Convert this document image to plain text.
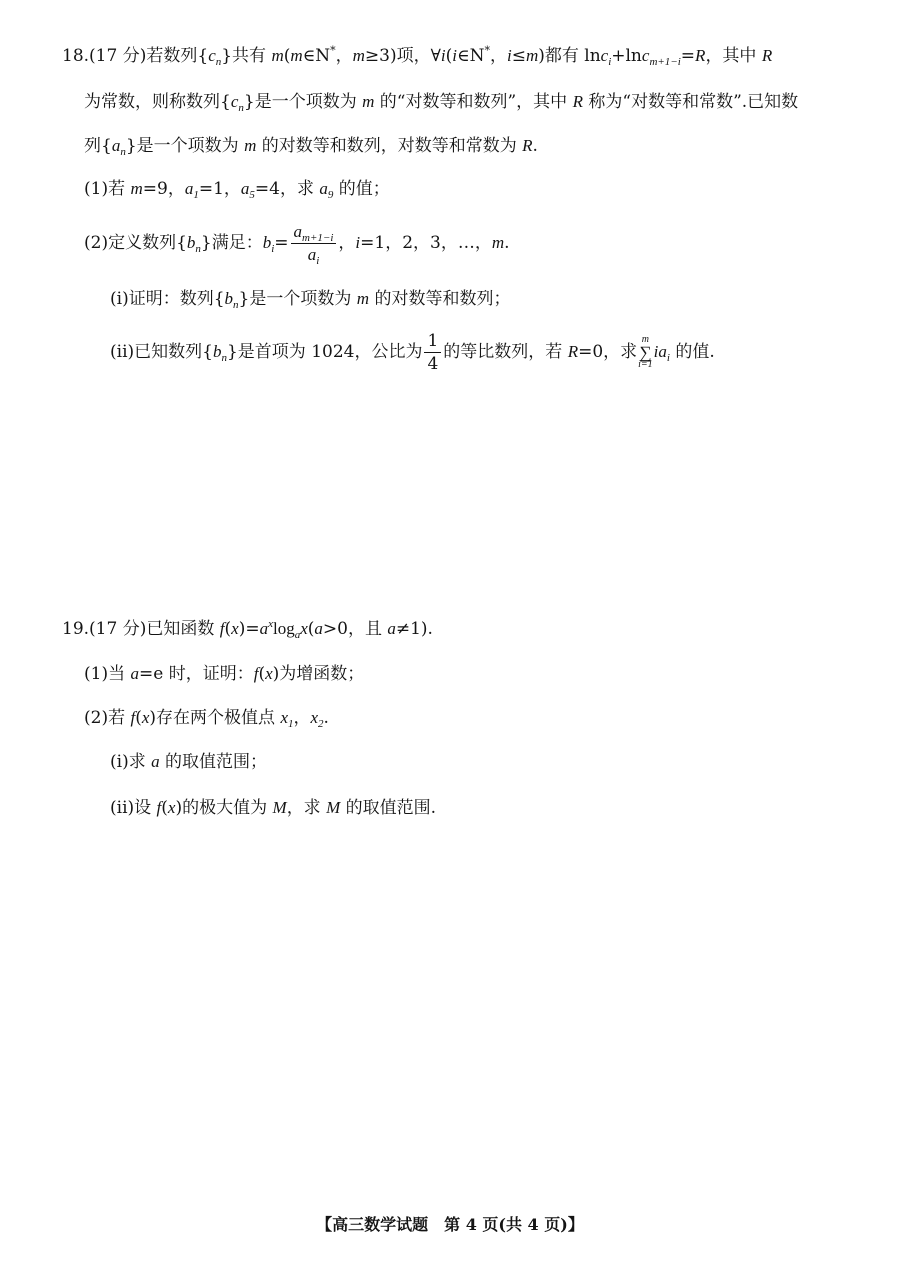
18.(17 分)若数列$\{c_n\}$共有 m(m∈N*，m≥3)项，∀i(i∈N*，i≤m)都有 lnc$_i$+lnc$_{m+1-i}$=R，其中 R
为常数，则称数列$\{c_n\}$是一个项数为 m 的“对数等和数列”，其中 R 称为“对数等和常数”.已知数
列$\{a_n\}$是一个项数为 m 的对数等和数列，对数等和常数为 R.
(1)若 m=9，$a_1=1$，$a_5=4$，求 $a_9$ 的值；
(2)定义数列$\{b_n\}$满足：$b_i= \frac{a_{m+1-i}}{a_i}$ ，i=1，2，3，…，m.
(i)证明：数列$\{b_n\}$是一个项数为 m 的对数等和数列；
(ii)已知数列$\{b_n\}$是首项为 1024，公比为 $\frac{1}{4}$ 的等比数列，若 R=0，求m
∑
$i=1ia_i$ 的值.
19.(17 分)已知函数 $f(x)=a^x\log_ax(a>0$，且 a≠1).
(1)当 a=e 时，证明：f(x)为增函数；
(2)若 f(x)存在两个极值点 $x_1$，$x_2$.
(i)求 a 的取值范围；
(ii)设 f(x)的极大值为 M，求 M 的取值范围.
【高三数学试题　第 4 页(共 4 页)】
